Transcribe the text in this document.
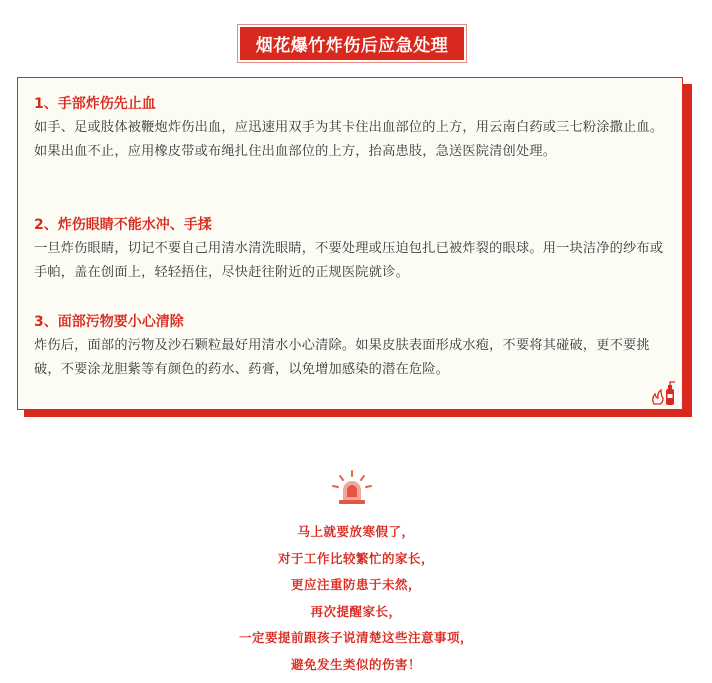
烟花爆竹炸伤后应急处理

1、手部炸伤先止血

如手、足或肢体被鞭炮炸伤出血，应迅速用双手为其卡住出血部位的上方，用云南白药或三七粉涂撒止血。如果出血不止，应用橡皮带或布绳扎住出血部位的上方，抬高患肢，急送医院清创处理。

2、炸伤眼睛不能水冲、手揉

一旦炸伤眼睛，切记不要自己用清水清洗眼睛，不要处理或压迫包扎已被炸裂的眼球。用一块洁净的纱布或手帕，盖在创面上，轻轻捂住，尽快赶往附近的正规医院就诊。

3、面部污物要小心清除

炸伤后，面部的污物及沙石颗粒最好用清水小心清除。如果皮肤表面形成水疱，不要将其碰破，更不要挑破，不要涂龙胆紫等有颜色的药水、药膏，以免增加感染的潜在危险。

马上就要放寒假了，
对于工作比较繁忙的家长，
更应注重防患于未然，
再次提醒家长，
一定要提前跟孩子说清楚这些注意事项，
避免发生类似的伤害！
